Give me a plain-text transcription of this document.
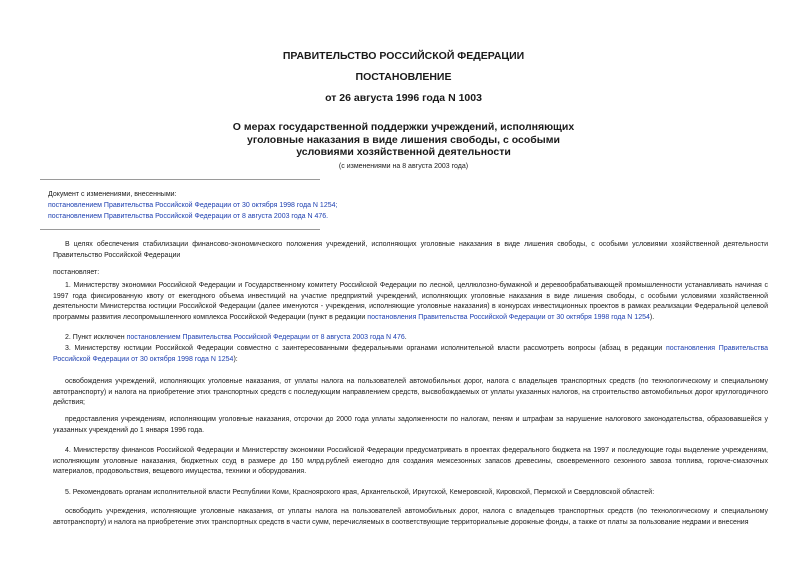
ПРАВИТЕЛЬСТВО РОССИЙСКОЙ ФЕДЕРАЦИИ
ПОСТАНОВЛЕНИЕ
от 26 августа 1996 года N 1003
О мерах государственной поддержки учреждений, исполняющих
уголовные наказания в виде лишения свободы, с особыми
условиями хозяйственной деятельности
(с изменениями на 8 августа 2003 года)
Документ с изменениями, внесенными:
постановлением Правительства Российской Федерации от 30 октября 1998 года N 1254;
постановлением Правительства Российской Федерации от 8 августа 2003 года N 476.

В целях обеспечения стабилизации финансово-экономического положения учреждений, исполняющих уголовные наказания в виде лишения свободы, с особыми условиями хозяйственной деятельности Правительство Российской Федерации

постановляет:

1. Министерству экономики Российской Федерации и Государственному комитету Российской Федерации по лесной, целлюлозно-бумажной и деревообрабатывающей промышленности устанавливать начиная с 1997 года фиксированную квоту от ежегодного объема инвестиций на участие предприятий учреждений, исполняющих уголовные наказания в виде лишения свободы, с особыми условиями хозяйственной деятельности Министерства юстиции Российской Федерации (далее именуются - учреждения, исполняющие уголовные наказания) в конкурсах инвестиционных проектов в рамках реализации Федеральной целевой программы развития лесопромышленного комплекса Российской Федерации (пункт в редакции постановления Правительства Российской Федерации от 30 октября 1998 года N 1254).

2. Пункт исключен постановлением Правительства Российской Федерации от 8 августа 2003 года N 476.

3. Министерству юстиции Российской Федерации совместно с заинтересованными федеральными органами исполнительной власти рассмотреть вопросы (абзац в редакции постановления Правительства Российской Федерации от 30 октября 1998 года N 1254):

освобождения учреждений, исполняющих уголовные наказания, от уплаты налога на пользователей автомобильных дорог, налога с владельцев транспортных средств (по технологическому и специальному автотранспорту) и налога на приобретение этих транспортных средств с последующим направлением средств, высвобождаемых от уплаты указанных налогов, на строительство автомобильных дорог круглогодичного действия;

предоставления учреждениям, исполняющим уголовные наказания, отсрочки до 2000 года уплаты задолженности по налогам, пеням и штрафам за нарушение налогового законодательства, образовавшейся у указанных учреждений до 1 января 1996 года.

4. Министерству финансов Российской Федерации и Министерству экономики Российской Федерации предусматривать в проектах федерального бюджета на 1997 и последующие годы выделение учреждениям, исполняющим уголовные наказания, бюджетных ссуд в размере до 150 млрд.рублей ежегодно для создания межсезонных запасов древесины, своевременного сезонного завоза топлива, горюче-смазочных материалов, продовольствия, вещевого имущества, техники и оборудования.

5. Рекомендовать органам исполнительной власти Республики Коми, Красноярского края, Архангельской, Иркутской, Кемеровской, Кировской, Пермской и Свердловской областей:

освободить учреждения, исполняющие уголовные наказания, от уплаты налога на пользователей автомобильных дорог, налога с владельцев транспортных средств (по технологическому и специальному автотранспорту) и налога на приобретение этих транспортных средств в части сумм, перечисляемых в соответствующие территориальные дорожные фонды, а также от платы за пользование недрами и внесения
